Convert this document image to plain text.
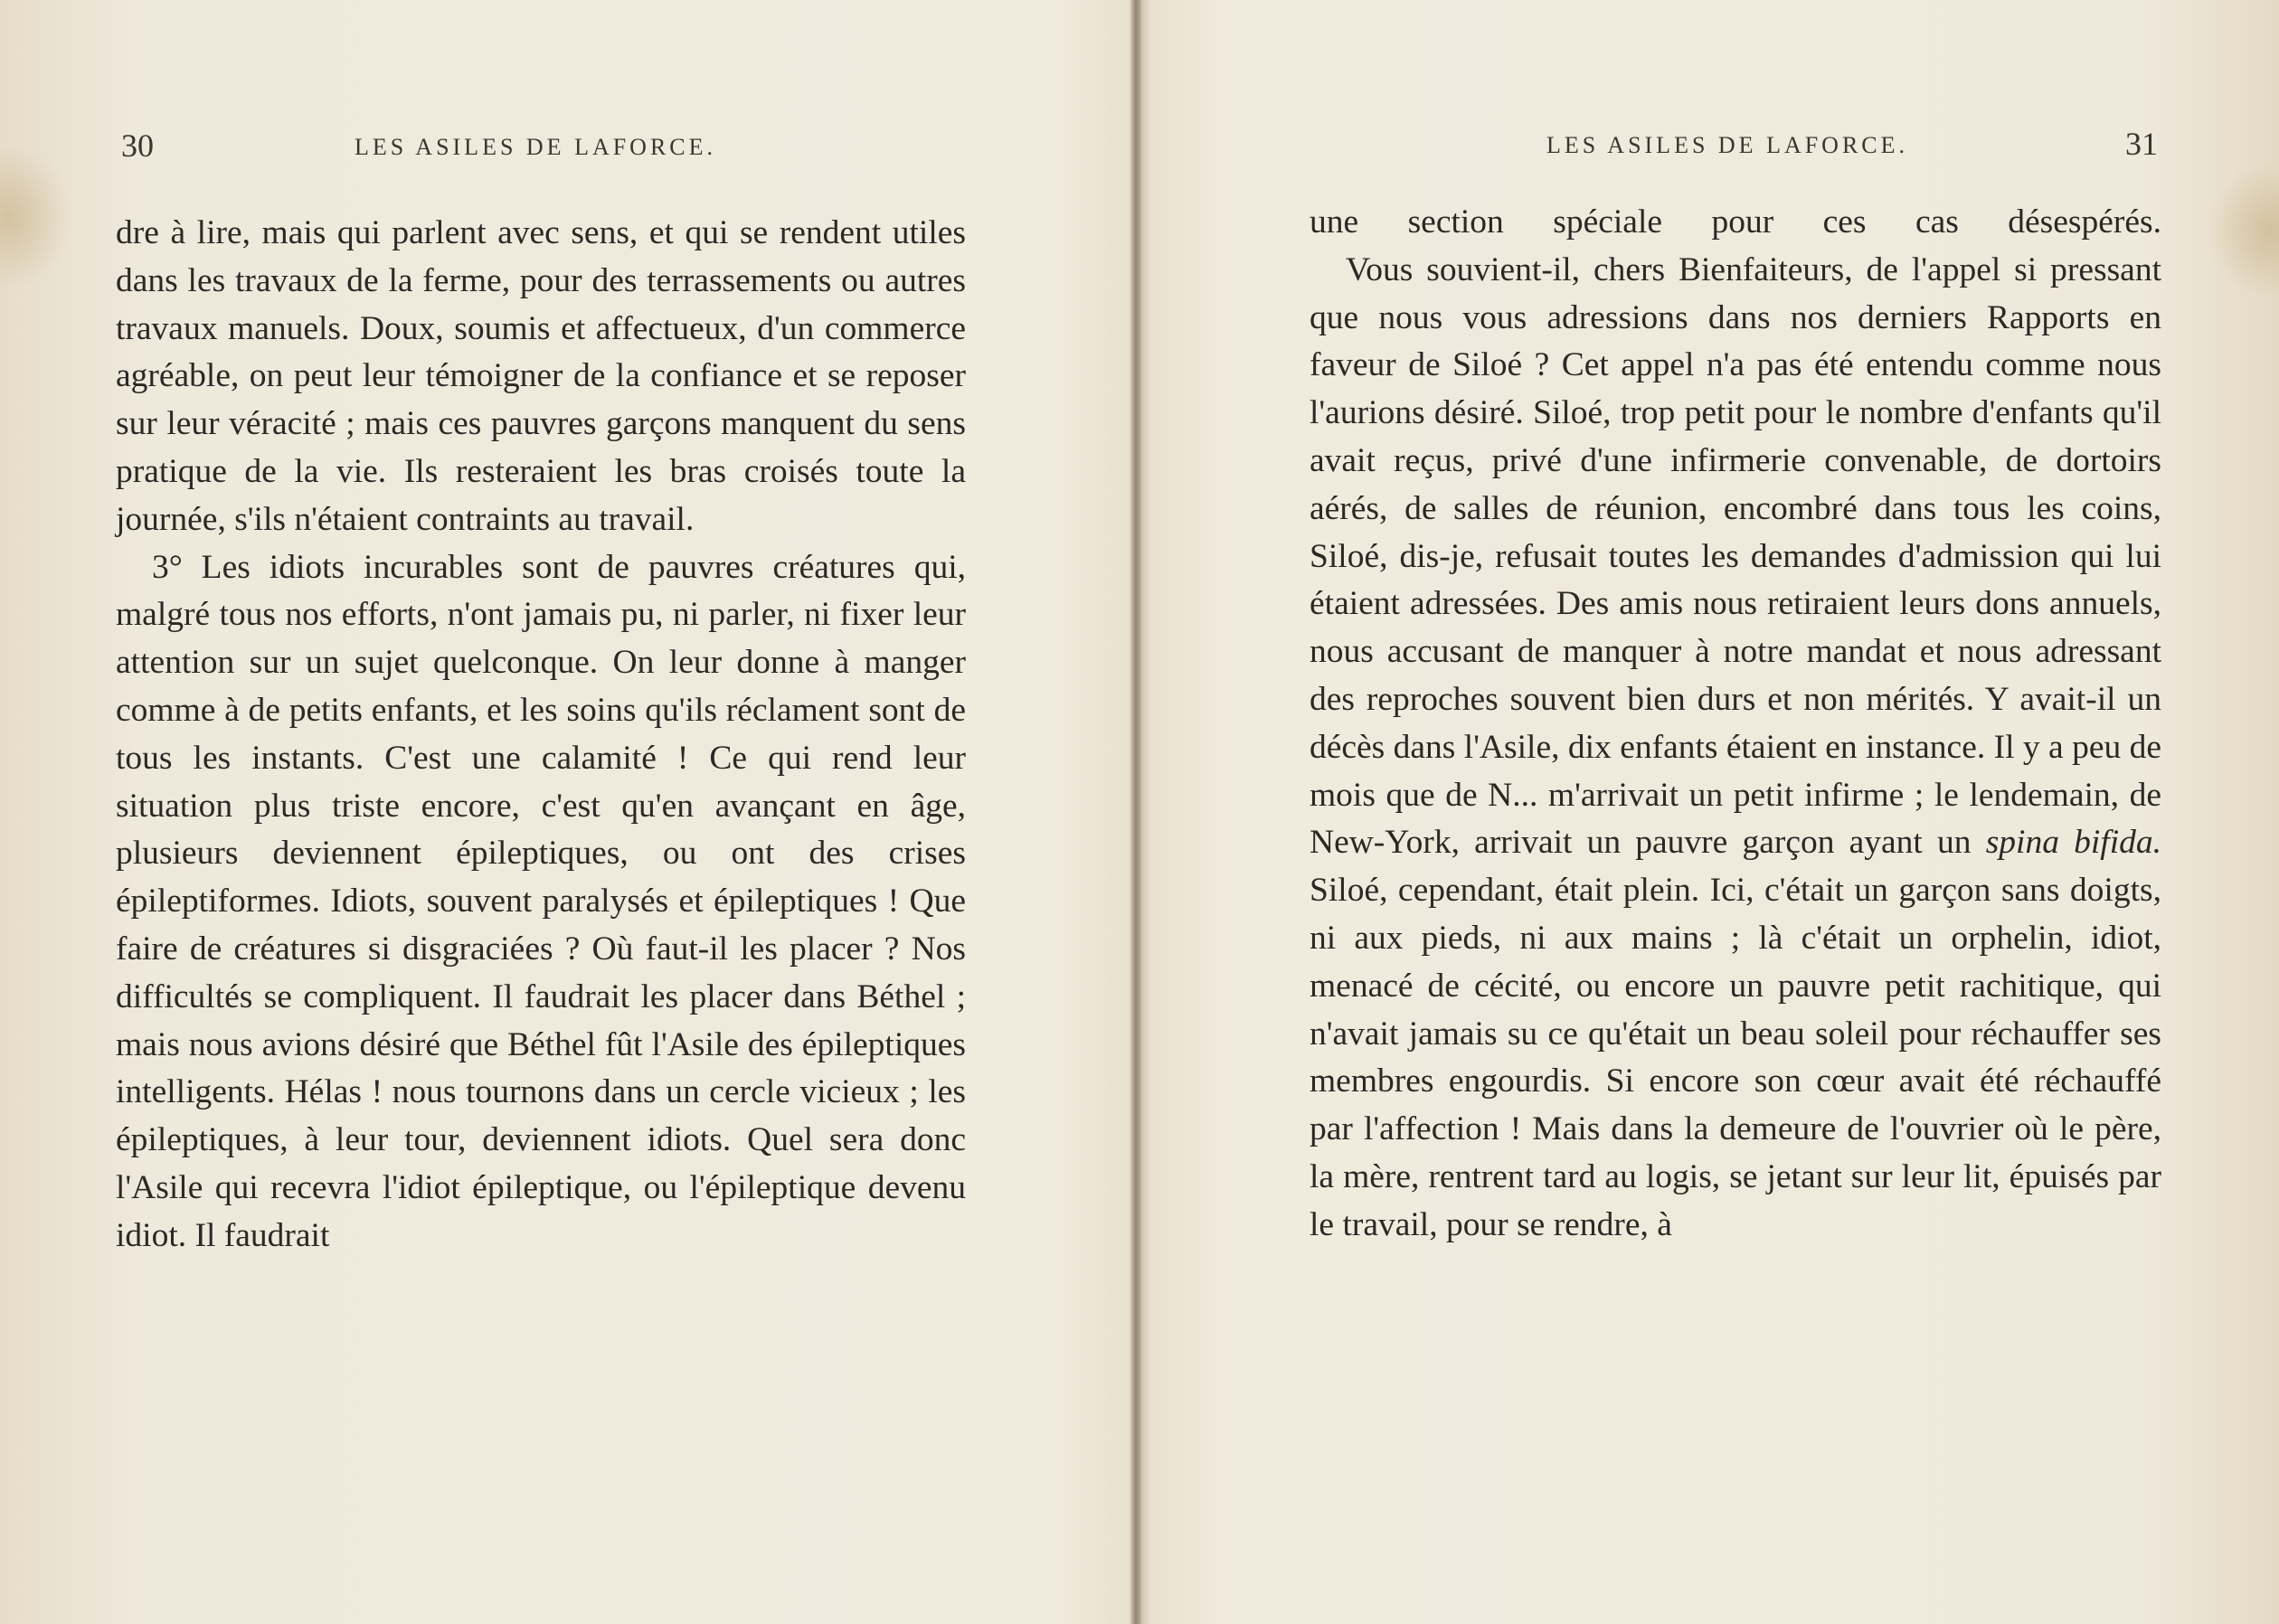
30	LES ASILES DE LAFORCE.

dre à lire, mais qui parlent avec sens, et qui se rendent utiles dans les travaux de la ferme, pour des terrassements ou autres travaux manuels. Doux, soumis et affectueux, d'un commerce agréable, on peut leur témoigner de la confiance et se reposer sur leur véracité ; mais ces pauvres garçons manquent du sens pratique de la vie. Ils resteraient les bras croisés toute la journée, s'ils n'étaient contraints au travail.

3° Les idiots incurables sont de pauvres créatures qui, malgré tous nos efforts, n'ont jamais pu, ni parler, ni fixer leur attention sur un sujet quelconque. On leur donne à manger comme à de petits enfants, et les soins qu'ils réclament sont de tous les instants. C'est une calamité ! Ce qui rend leur situation plus triste encore, c'est qu'en avançant en âge, plusieurs deviennent épileptiques, ou ont des crises épileptiformes. Idiots, souvent paralysés et épileptiques ! Que faire de créatures si disgraciées ? Où faut-il les placer ? Nos difficultés se compliquent. Il faudrait les placer dans Béthel ; mais nous avions désiré que Béthel fût l'Asile des épileptiques intelligents. Hélas ! nous tournons dans un cercle vicieux ; les épileptiques, à leur tour, deviennent idiots. Quel sera donc l'Asile qui recevra l'idiot épileptique, ou l'épileptique devenu idiot. Il faudrait

LES ASILES DE LAFORCE.	31

une section spéciale pour ces cas désespérés.

Vous souvient-il, chers Bienfaiteurs, de l'appel si pressant que nous vous adressions dans nos derniers Rapports en faveur de Siloé ? Cet appel n'a pas été entendu comme nous l'aurions désiré. Siloé, trop petit pour le nombre d'enfants qu'il avait reçus, privé d'une infirmerie convenable, de dortoirs aérés, de salles de réunion, encombré dans tous les coins, Siloé, dis-je, refusait toutes les demandes d'admission qui lui étaient adressées. Des amis nous retiraient leurs dons annuels, nous accusant de manquer à notre mandat et nous adressant des reproches souvent bien durs et non mérités. Y avait-il un décès dans l'Asile, dix enfants étaient en instance. Il y a peu de mois que de N... m'arrivait un petit infirme ; le lendemain, de New-York, arrivait un pauvre garçon ayant un spina bifida. Siloé, cependant, était plein. Ici, c'était un garçon sans doigts, ni aux pieds, ni aux mains ; là c'était un orphelin, idiot, menacé de cécité, ou encore un pauvre petit rachitique, qui n'avait jamais su ce qu'était un beau soleil pour réchauffer ses membres engourdis. Si encore son cœur avait été réchauffé par l'affection ! Mais dans la demeure de l'ouvrier où le père, la mère, rentrent tard au logis, se jetant sur leur lit, épuisés par le travail, pour se rendre, à
